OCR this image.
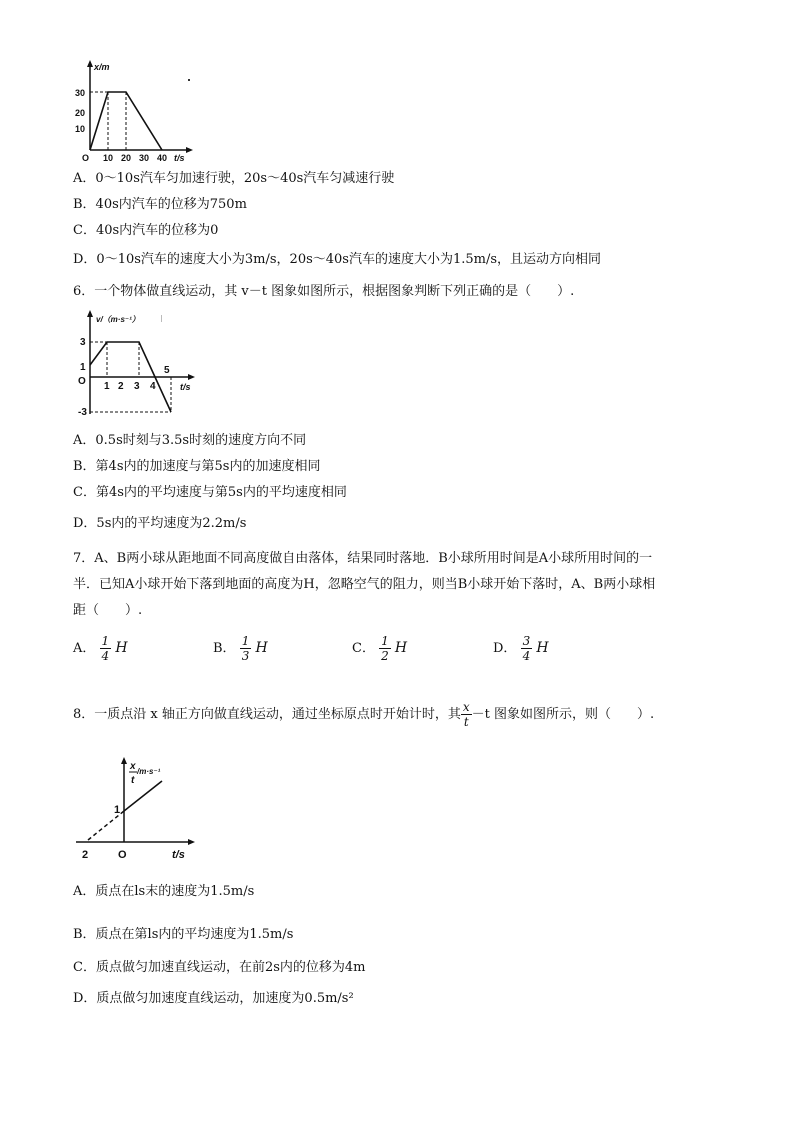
x/m
t/s
O
30
20
10
10 20 30 40
A．0～10s汽车匀加速行驶，20s～40s汽车匀减速行驶
B．40s内汽车的位移为750m
C．40s内汽车的位移为0
D．0～10s汽车的速度大小为3m/s，20s～40s汽车的速度大小为1.5m/s，且运动方向相同
6．一个物体做直线运动，其 v－t 图象如图所示，根据图象判断下列正确的是（　　）.
v/（m·s⁻¹）
t/s
O
3
1
-3
1 2 3 4
5
A．0.5s时刻与3.5s时刻的速度方向不同
B．第4s内的加速度与第5s内的加速度相同
C．第4s内的平均速度与第5s内的平均速度相同
D．5s内的平均速度为2.2m/s
7．A、B两小球从距地面不同高度做自由落体，结果同时落地．B小球所用时间是A小球所用时间的一
半．已知A小球开始下落到地面的高度为H，忽略空气的阻力，则当B小球开始下落时，A、B两小球相
距（　　）.
A． $\frac{1}{4}$ H	B． $\frac{1}{3}$ H	C． $\frac{1}{2}$ H	D． $\frac{3}{4}$ H
8．一质点沿 x 轴正方向做直线运动，通过坐标原点时开始计时，其 $\frac{x}{t} -t$ 图象如图所示，则（　　）.
x
t
/m·s⁻¹
t/s
O
1
2
A．质点在ls末的速度为1.5m/s
B．质点在第ls内的平均速度为1.5m/s
C．质点做匀加速直线运动，在前2s内的位移为4m
D．质点做匀加速度直线运动，加速度为0.5m/s²
